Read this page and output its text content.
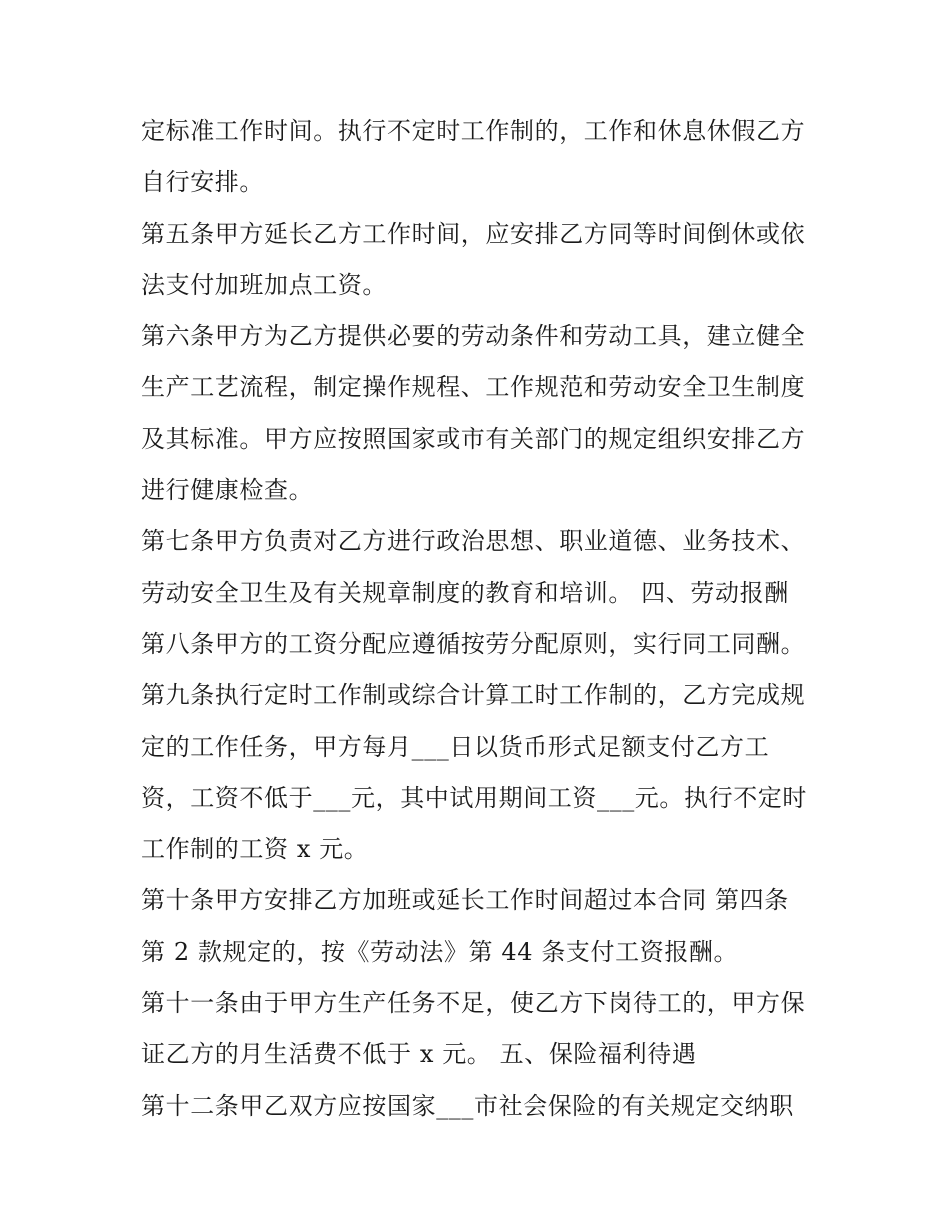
定标准工作时间。执行不定时工作制的，工作和休息休假乙方
自行安排。
第五条甲方延长乙方工作时间，应安排乙方同等时间倒休或依
法支付加班加点工资。
第六条甲方为乙方提供必要的劳动条件和劳动工具，建立健全
生产工艺流程，制定操作规程、工作规范和劳动安全卫生制度
及其标准。甲方应按照国家或市有关部门的规定组织安排乙方
进行健康检查。
第七条甲方负责对乙方进行政治思想、职业道德、业务技术、
劳动安全卫生及有关规章制度的教育和培训。 四、劳动报酬
第八条甲方的工资分配应遵循按劳分配原则，实行同工同酬。
第九条执行定时工作制或综合计算工时工作制的，乙方完成规
定的工作任务，甲方每月___日以货币形式足额支付乙方工
资，工资不低于___元，其中试用期间工资___元。执行不定时
工作制的工资 x 元。
第十条甲方安排乙方加班或延长工作时间超过本合同 第四条
第 2 款规定的，按《劳动法》第 44 条支付工资报酬。
第十一条由于甲方生产任务不足，使乙方下岗待工的，甲方保
证乙方的月生活费不低于 x 元。 五、保险福利待遇
第十二条甲乙双方应按国家___市社会保险的有关规定交纳职
